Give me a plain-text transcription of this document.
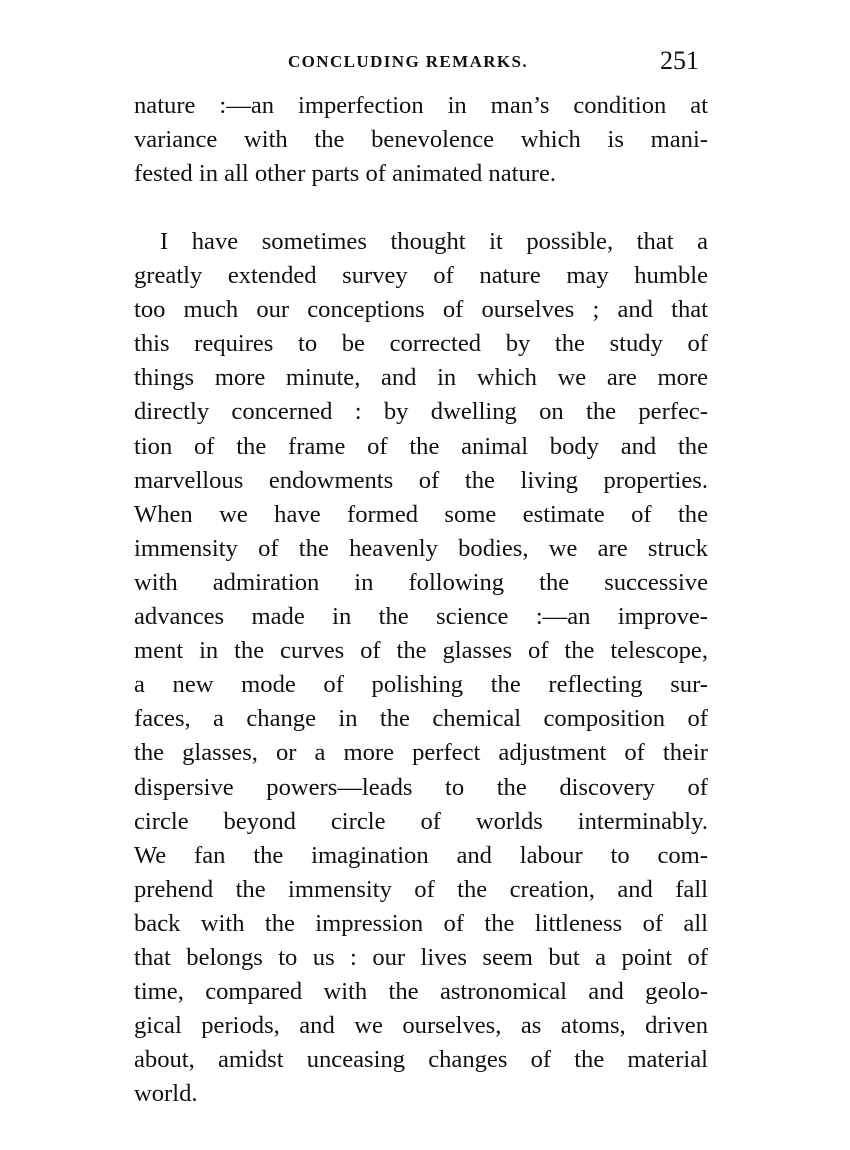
CONCLUDING REMARKS.	251
nature :—an imperfection in man’s condition at
variance with the benevolence which is mani-
fested in all other parts of animated nature.
I have sometimes thought it possible, that a
greatly extended survey of nature may humble
too much our conceptions of ourselves ; and that
this requires to be corrected by the study of
things more minute, and in which we are more
directly concerned : by dwelling on the perfec-
tion of the frame of the animal body and the
marvellous endowments of the living properties.
When we have formed some estimate of the
immensity of the heavenly bodies, we are struck
with admiration in following the successive
advances made in the science :—an improve-
ment in the curves of the glasses of the telescope,
a new mode of polishing the reflecting sur-
faces, a change in the chemical composition of
the glasses, or a more perfect adjustment of their
dispersive powers—leads to the discovery of
circle beyond circle of worlds interminably.
We fan the imagination and labour to com-
prehend the immensity of the creation, and fall
back with the impression of the littleness of all
that belongs to us : our lives seem but a point of
time, compared with the astronomical and geolo-
gical periods, and we ourselves, as atoms, driven
about, amidst unceasing changes of the material
world.
